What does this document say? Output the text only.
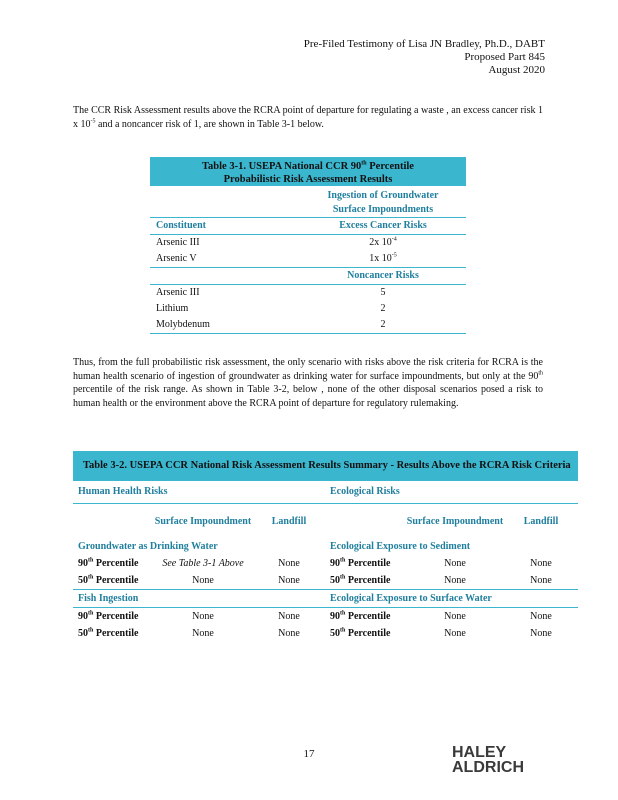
Pre-Filed Testimony of Lisa JN Bradley, Ph.D., DABT
Proposed Part 845
August 2020
The CCR Risk Assessment results above the RCRA point of departure for regulating a waste , an excess cancer risk 1 x $10^{-5}$ and a noncancer risk of 1, are shown in Table 3-1 below.
Table 3-1. USEPA National CCR 90th Percentile
Probabilistic Risk Assessment Results
Ingestion of Groundwater
Surface Impoundments
Constituent	Excess Cancer Risks
Arsenic III	2x $10^{-4}$
Arsenic V	1x $10^{-5}$
Noncancer Risks
Arsenic III	5
Lithium	2
Molybdenum	2
Thus, from the full probabilistic risk assessment, the only scenario with risks above the risk criteria for RCRA is the human health scenario of ingestion of groundwater as drinking water for surface impoundments, but only at the 90th percentile of the risk range. As shown in Table 3-2, below , none of the other disposal scenarios posed a risk to human health or the environment above the RCRA point of departure for regulatory rulemaking.
Table 3-2. USEPA CCR National Risk Assessment Results Summary - Results Above the RCRA Risk Criteria
Human Health Risks	Ecological Risks
Surface Impoundment	Landfill	Surface Impoundment	Landfill
Groundwater as Drinking Water	Ecological Exposure to Sediment
90th Percentile	See Table 3-1 Above	None	90th Percentile	None	None
50th Percentile	None	None	50th Percentile	None	None
Fish Ingestion	Ecological Exposure to Surface Water
90th Percentile	None	None	90th Percentile	None	None
50th Percentile	None	None	50th Percentile	None	None
17	HALEY
ALDRICH
